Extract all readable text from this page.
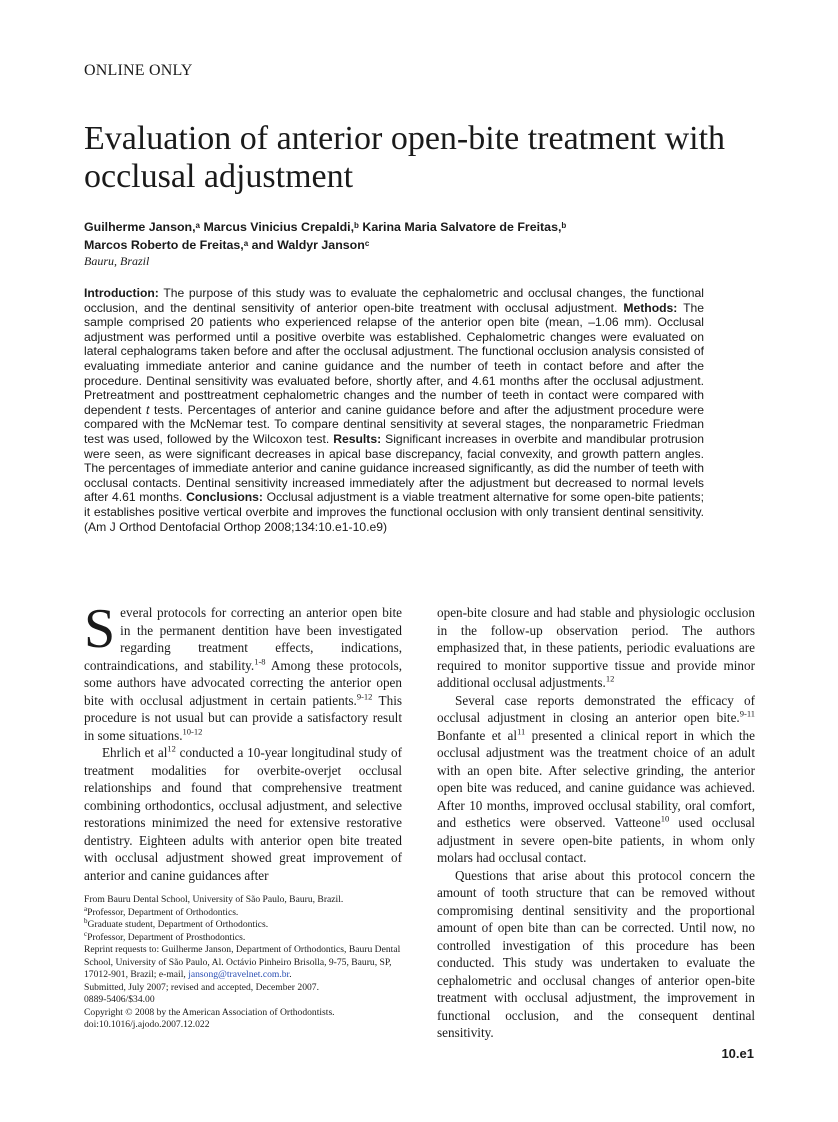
ONLINE ONLY
Evaluation of anterior open-bite treatment with occlusal adjustment
Guilherme Janson,$^a$ Marcus Vinicius Crepaldi,$^b$ Karina Maria Salvatore de Freitas,$^b$
Marcos Roberto de Freitas,$^a$ and Waldyr Janson$^c$
Bauru, Brazil
Introduction: The purpose of this study was to evaluate the cephalometric and occlusal changes, the functional occlusion, and the dentinal sensitivity of anterior open-bite treatment with occlusal adjustment. Methods: The sample comprised 20 patients who experienced relapse of the anterior open bite (mean, –1.06 mm). Occlusal adjustment was performed until a positive overbite was established. Cephalometric changes were evaluated on lateral cephalograms taken before and after the occlusal adjustment. The functional occlusion analysis consisted of evaluating immediate anterior and canine guidance and the number of teeth in contact before and after the procedure. Dentinal sensitivity was evaluated before, shortly after, and 4.61 months after the occlusal adjustment. Pretreatment and posttreatment cephalometric changes and the number of teeth in contact were compared with dependent t tests. Percentages of anterior and canine guidance before and after the adjustment procedure were compared with the McNemar test. To compare dentinal sensitivity at several stages, the nonparametric Friedman test was used, followed by the Wilcoxon test. Results: Significant increases in overbite and mandibular protrusion were seen, as were significant decreases in apical base discrepancy, facial convexity, and growth pattern angles. The percentages of immediate anterior and canine guidance increased significantly, as did the number of teeth with occlusal contacts. Dentinal sensitivity increased immediately after the adjustment but decreased to normal levels after 4.61 months. Conclusions: Occlusal adjustment is a viable treatment alternative for some open-bite patients; it establishes positive vertical overbite and improves the functional occlusion with only transient dentinal sensitivity. (Am J Orthod Dentofacial Orthop 2008;134:10.e1-10.e9)

Several protocols for correcting an anterior open bite in the permanent dentition have been investigated regarding treatment effects, indications, contraindications, and stability.$^{1-8}$ Among these protocols, some authors have advocated correcting the anterior open bite with occlusal adjustment in certain patients.$^{9-12}$ This procedure is not usual but can provide a satisfactory result in some situations.$^{10-12}$

Ehrlich et $al^{12}$ conducted a 10-year longitudinal study of treatment modalities for overbite-overjet occlusal relationships and found that comprehensive treatment combining orthodontics, occlusal adjustment, and selective restorations minimized the need for extensive restorative dentistry. Eighteen adults with anterior open bite treated with occlusal adjustment showed great improvement of anterior and canine guidances after

open-bite closure and had stable and physiologic occlusion in the follow-up observation period. The authors emphasized that, in these patients, periodic evaluations are required to monitor supportive tissue and provide minor additional occlusal adjustments.$^{12}$

Several case reports demonstrated the efficacy of occlusal adjustment in closing an anterior open bite.$^{9-11}$ Bonfante et $al^{11}$ presented a clinical report in which the occlusal adjustment was the treatment choice of an adult with an open bite. After selective grinding, the anterior open bite was reduced, and canine guidance was achieved. After 10 months, improved occlusal stability, oral comfort, and esthetics were observed. Vatteone$^{10}$ used occlusal adjustment in severe open-bite patients, in whom only molars had occlusal contact.

Questions that arise about this protocol concern the amount of tooth structure that can be removed without compromising dentinal sensitivity and the proportional amount of open bite than can be corrected. Until now, no controlled investigation of this procedure has been conducted. This study was undertaken to evaluate the cephalometric and occlusal changes of anterior open-bite treatment with occlusal adjustment, the improvement in functional occlusion, and the consequent dentinal sensitivity.

From Bauru Dental School, University of São Paulo, Bauru, Brazil.
$^a$Professor, Department of Orthodontics.
$^b$Graduate student, Department of Orthodontics.
$^c$Professor, Department of Prosthodontics.
Reprint requests to: Guilherme Janson, Department of Orthodontics, Bauru Dental School, University of São Paulo, Al. Octávio Pinheiro Brisolla, 9-75, Bauru, SP, 17012-901, Brazil; e-mail, jansong@travelnet.com.br.
Submitted, July 2007; revised and accepted, December 2007.
0889-5406/$34.00
Copyright © 2008 by the American Association of Orthodontists.
doi:10.1016/j.ajodo.2007.12.022
10.e1
